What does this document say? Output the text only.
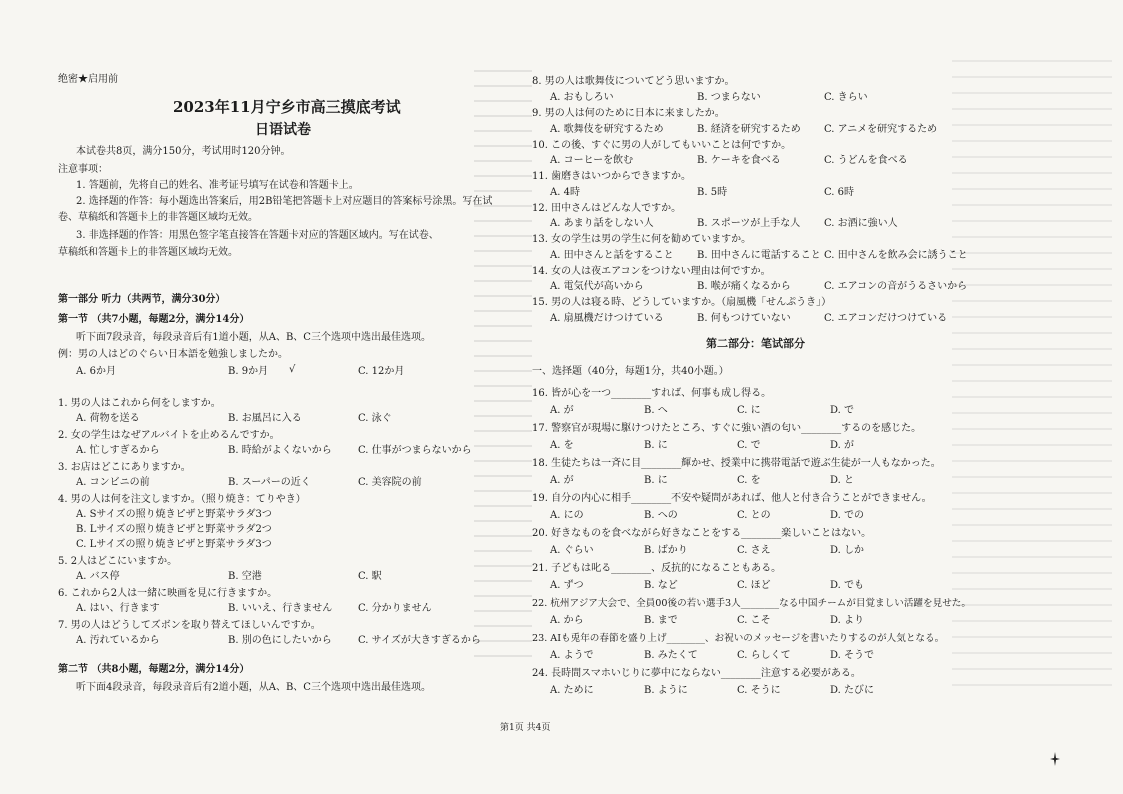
绝密★启用前
2023年11月宁乡市高三摸底考试
日语试卷
本试卷共8页，满分150分，考试用时120分钟。
注意事项：
1. 答题前，先将自己的姓名、准考证号填写在试卷和答题卡上。
2. 选择题的作答：每小题选出答案后，用2B铅笔把答题卡上对应题目的答案标号涂黑。写在试
卷、草稿纸和答题卡上的非答题区域均无效。
3. 非选择题的作答：用黑色签字笔直接答在答题卡对应的答题区域内。写在试卷、
草稿纸和答题卡上的非答题区域均无效。
第一部分 听力（共两节，满分30分）
第一节 （共7小题，每题2分，满分14分）
听下面7段录音，每段录音后有1道小题，从A、B、C三个选项中选出最佳选项。
例：男の人はどのぐらい日本語を勉強しましたか。
A. 6か月	B. 9か月 √	C. 12か月
1. 男の人はこれから何をしますか。
A. 荷物を送る	B. お風呂に入る	C. 泳ぐ
2. 女の学生はなぜアルバイトを止めるんですか。
A. 忙しすぎるから	B. 時給がよくないから	C. 仕事がつまらないから
3. お店はどこにありますか。
A. コンビニの前	B. スーパーの近く	C. 美容院の前
4. 男の人は何を注文しますか。（照り焼き：てりやき）
A. Sサイズの照り焼きピザと野菜サラダ3つ
B. Lサイズの照り焼きピザと野菜サラダ2つ
C. Lサイズの照り焼きピザと野菜サラダ3つ
5. 2人はどこにいますか。
A. バス停	B. 空港	C. 駅
6. これから2人は一緒に映画を見に行きますか。
A. はい、行きます	B. いいえ、行きません	C. 分かりません
7. 男の人はどうしてズボンを取り替えてほしいんですか。
A. 汚れているから	B. 別の色にしたいから	C. サイズが大きすぎるから
第二节 （共8小题，每题2分，满分14分）
听下面4段录音，每段录音后有2道小题，从A、B、C三个选项中选出最佳选项。
8. 男の人は歌舞伎についてどう思いますか。
A. おもしろい	B. つまらない	C. きらい
9. 男の人は何のために日本に来ましたか。
A. 歌舞伎を研究するため	B. 経済を研究するため C. アニメを研究するため
10. この後、すぐに男の人がしてもいいことは何ですか。
A. コーヒーを飲む	B. ケーキを食べる	C. うどんを食べる
11. 歯磨きはいつからできますか。
A. 4時	B. 5時	C. 6時
12. 田中さんはどんな人ですか。
A. あまり話をしない人	B. スポーツが上手な人 C. お酒に強い人
13. 女の学生は男の学生に何を勧めていますか。
A. 田中さんと話をすること B. 田中さんに電話すること C. 田中さんを飲み会に誘うこと
14. 女の人は夜エアコンをつけない理由は何ですか。
A. 電気代が高いから	B. 喉が痛くなるから	C. エアコンの音がうるさいから
15. 男の人は寝る時、どうしていますか。（扇風機「せんぷうき」）
A. 扇風機だけつけている	B. 何もつけていない	C. エアコンだけつけている
第二部分：笔试部分
一、选择题（40分，每题1分，共40小题。）
16. 皆が心を一つ________すれば、何事も成し得る。
A. が	B. へ	C. に	D. で
17. 警察官が現場に駆けつけたところ、すぐに強い酒の匂い________するのを感じた。
A. を	B. に	C. で	D. が
18. 生徒たちは一斉に目________輝かせ、授業中に携帯電話で遊ぶ生徒が一人もなかった。
A. が	B. に	C. を	D. と
19. 自分の内心に相手________不安や疑問があれば、他人と付き合うことができません。
A. にの	B. への	C. との	D. での
20. 好きなものを食べながら好きなことをする________楽しいことはない。
A. ぐらい	B. ばかり	C. さえ	D. しか
21. 子どもは叱る________、反抗的になることもある。
A. ずつ	B. など	C. ほど	D. でも
22. 杭州アジア大会で、全員00後の若い選手3人________なる中国チームが目覚ましい活躍を見せた。
A. から	B. まで	C. こそ	D. より
23. AIも兎年の春節を盛り上げ________、お祝いのメッセージを書いたりするのが人気となる。
A. ようで	B. みたくて	C. らしくて	D. そうで
24. 長時間スマホいじりに夢中にならない________注意する必要がある。
A. ために	B. ように	C. そうに	D. たびに
第1页 共4页
